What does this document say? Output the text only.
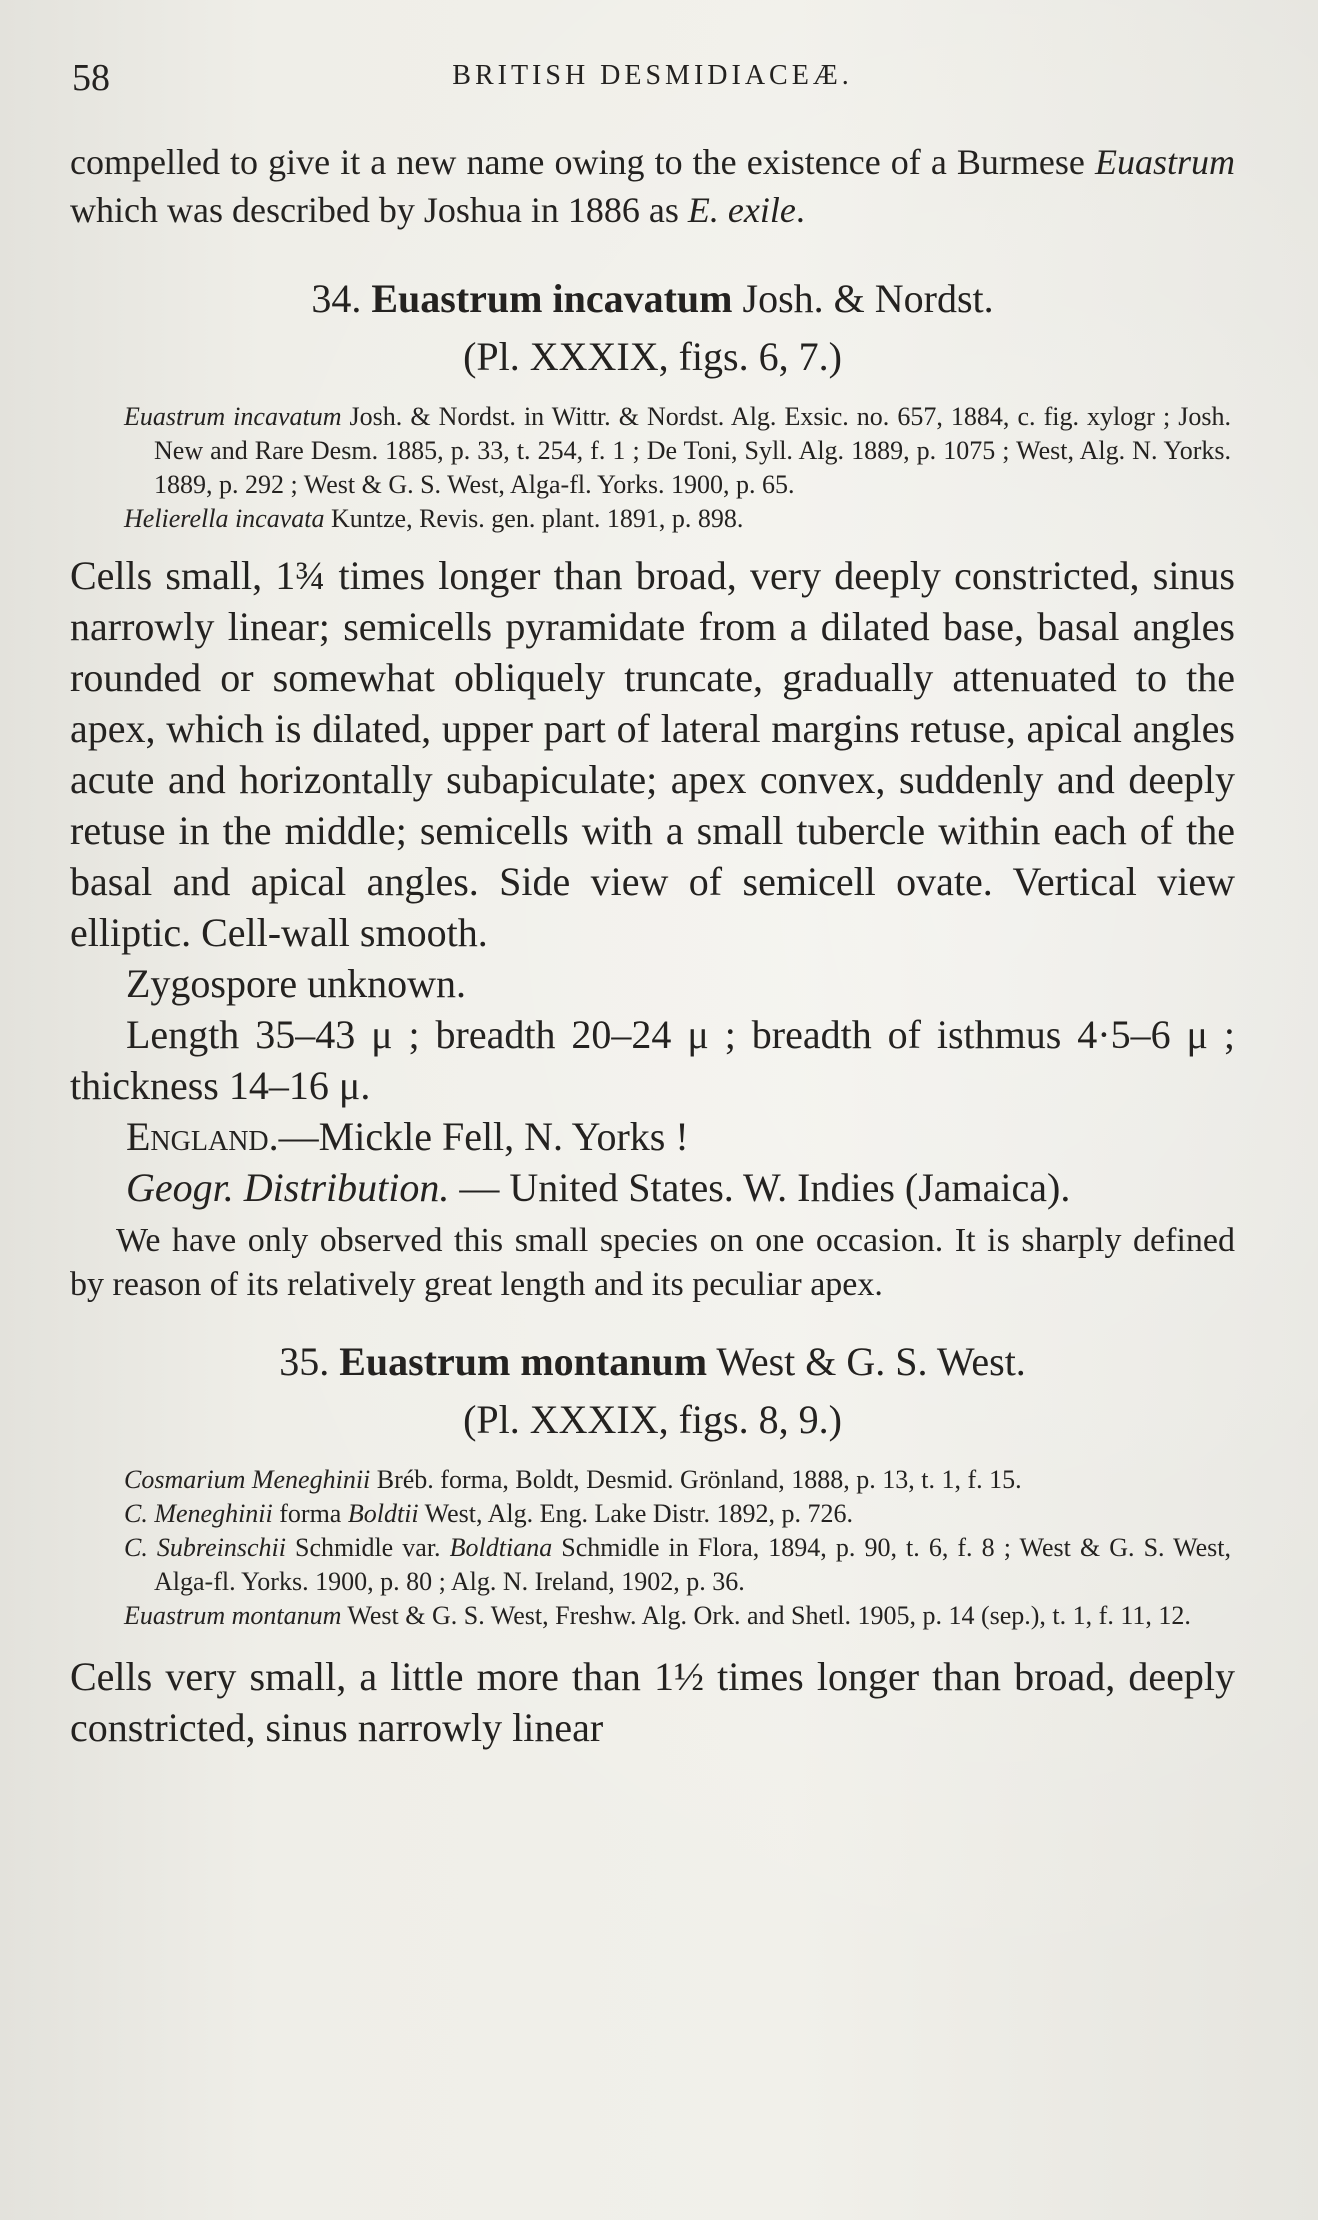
58	BRITISH DESMIDIACEÆ.

compelled to give it a new name owing to the existence of a Burmese Euastrum which was described by Joshua in 1886 as E. exile.

34. Euastrum incavatum Josh. & Nordst.
(Pl. XXXIX, figs. 6, 7.)

Euastrum incavatum Josh. & Nordst. in Wittr. & Nordst. Alg. Exsic. no. 657, 1884, c. fig. xylogr ; Josh. New and Rare Desm. 1885, p. 33, t. 254, f. 1 ; De Toni, Syll. Alg. 1889, p. 1075 ; West, Alg. N. Yorks. 1889, p. 292 ; West & G. S. West, Alga-fl. Yorks. 1900, p. 65.

Helierella incavata Kuntze, Revis. gen. plant. 1891, p. 898.

Cells small, 1¾ times longer than broad, very deeply constricted, sinus narrowly linear; semicells pyramidate from a dilated base, basal angles rounded or somewhat obliquely truncate, gradually attenuated to the apex, which is dilated, upper part of lateral margins retuse, apical angles acute and horizontally subapiculate; apex convex, suddenly and deeply retuse in the middle; semicells with a small tubercle within each of the basal and apical angles. Side view of semicell ovate. Vertical view elliptic. Cell-wall smooth.

Zygospore unknown.

Length 35–43 μ ; breadth 20–24 μ ; breadth of isthmus 4·5–6 μ ; thickness 14–16 μ.

England.—Mickle Fell, N. Yorks !

Geogr. Distribution. — United States. W. Indies (Jamaica).

We have only observed this small species on one occasion. It is sharply defined by reason of its relatively great length and its peculiar apex.

35. Euastrum montanum West & G. S. West.
(Pl. XXXIX, figs. 8, 9.)

Cosmarium Meneghinii Bréb. forma, Boldt, Desmid. Grönland, 1888, p. 13, t. 1, f. 15.

C. Meneghinii forma Boldtii West, Alg. Eng. Lake Distr. 1892, p. 726.

C. Subreinschii Schmidle var. Boldtiana Schmidle in Flora, 1894, p. 90, t. 6, f. 8 ; West & G. S. West, Alga-fl. Yorks. 1900, p. 80 ; Alg. N. Ireland, 1902, p. 36.

Euastrum montanum West & G. S. West, Freshw. Alg. Ork. and Shetl. 1905, p. 14 (sep.), t. 1, f. 11, 12.

Cells very small, a little more than 1½ times longer than broad, deeply constricted, sinus narrowly linear
